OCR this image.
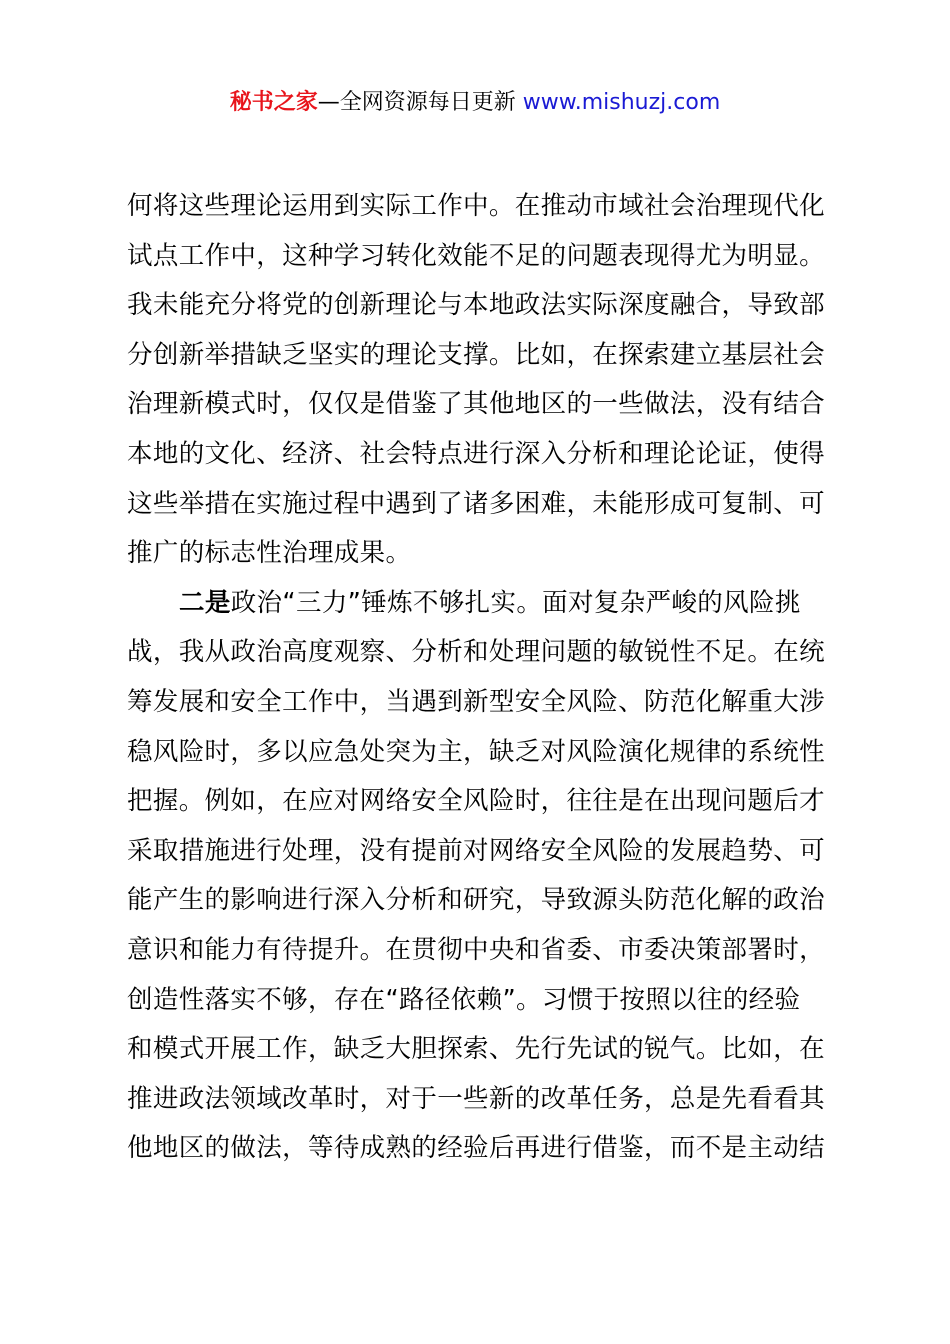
秘书之家—全网资源每日更新 www.mishuzj.com
何将这些理论运用到实际工作中。在推动市域社会治理现代化
试点工作中，这种学习转化效能不足的问题表现得尤为明显。
我未能充分将党的创新理论与本地政法实际深度融合，导致部
分创新举措缺乏坚实的理论支撑。比如，在探索建立基层社会
治理新模式时，仅仅是借鉴了其他地区的一些做法，没有结合
本地的文化、经济、社会特点进行深入分析和理论论证，使得
这些举措在实施过程中遇到了诸多困难，未能形成可复制、可
推广的标志性治理成果。
二是政治“三力”锤炼不够扎实。面对复杂严峻的风险挑
战，我从政治高度观察、分析和处理问题的敏锐性不足。在统
筹发展和安全工作中，当遇到新型安全风险、防范化解重大涉
稳风险时，多以应急处突为主，缺乏对风险演化规律的系统性
把握。例如，在应对网络安全风险时，往往是在出现问题后才
采取措施进行处理，没有提前对网络安全风险的发展趋势、可
能产生的影响进行深入分析和研究，导致源头防范化解的政治
意识和能力有待提升。在贯彻中央和省委、市委决策部署时，
创造性落实不够，存在“路径依赖”。习惯于按照以往的经验
和模式开展工作，缺乏大胆探索、先行先试的锐气。比如，在
推进政法领域改革时，对于一些新的改革任务，总是先看看其
他地区的做法，等待成熟的经验后再进行借鉴，而不是主动结
